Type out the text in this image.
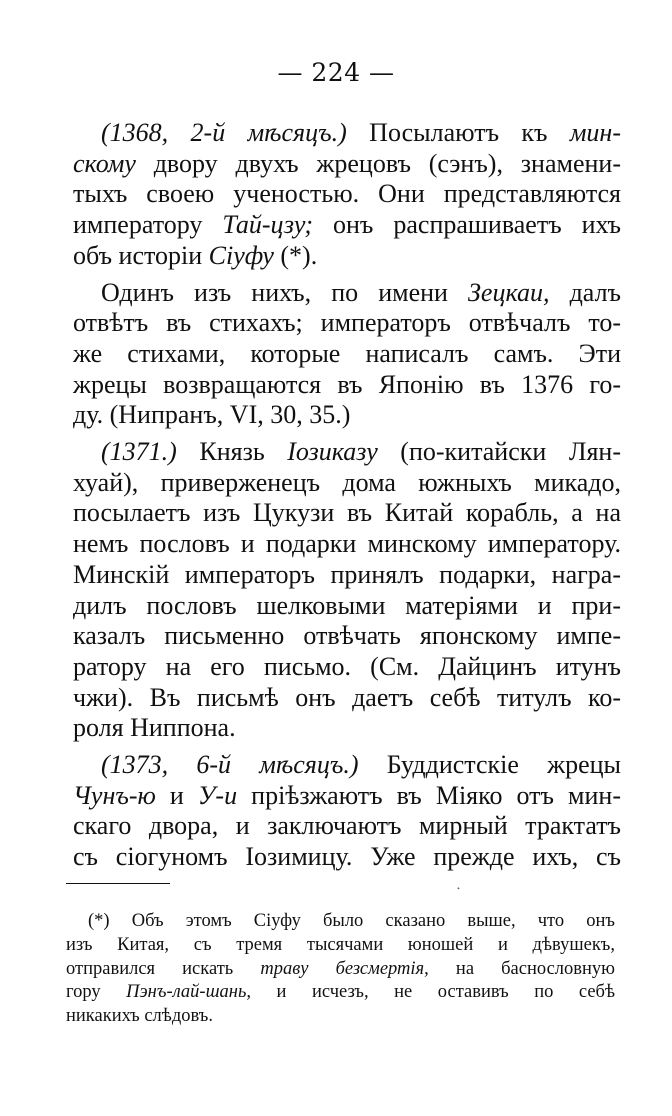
— 224 —
(1368, 2-й мѣсяцъ.) Посылаютъ къ мин-
скому двору двухъ жрецовъ (сэнъ), знамени-
тыхъ своею ученостью. Они представляются
императору Тай-цзу; онъ распрашиваетъ ихъ
объ исторіи Сіуфу (*).
Одинъ изъ нихъ, по имени Зецкаи, далъ
отвѣтъ въ стихахъ; императоръ отвѣчалъ то-
же стихами, которые написалъ самъ. Эти
жрецы возвращаются въ Японію въ 1376 го-
ду. (Нипранъ, VI, 30, 35.)
(1371.) Князь Іозиказу (по-китайски Лян-
хуай), приверженецъ дома южныхъ микадо,
посылаетъ изъ Цукузи въ Китай корабль, а на
немъ пословъ и подарки минскому императору.
Минскій императоръ принялъ подарки, награ-
дилъ пословъ шелковыми матеріями и при-
казалъ письменно отвѣчать японскому импе-
ратору на его письмо. (См. Дайцинъ итунъ
чжи). Въ письмѣ онъ даетъ себѣ титулъ ко-
роля Ниппона.
(1373, 6-й мѣсяцъ.) Буддистскіе жрецы
Чунъ-ю и У-и пріѣзжаютъ въ Міяко отъ мин-
скаго двора, и заключаютъ мирный трактатъ
съ сіогуномъ Іозимицу. Уже прежде ихъ, съ
˛
(*) Объ этомъ Сіуфу было сказано выше, что онъ
изъ Китая, съ тремя тысячами юношей и дѣвушекъ,
отправился искать траву безсмертія, на баснословную
гору Пэнъ-лай-шань, и исчезъ, не оставивъ по себѣ
никакихъ слѣдовъ.
